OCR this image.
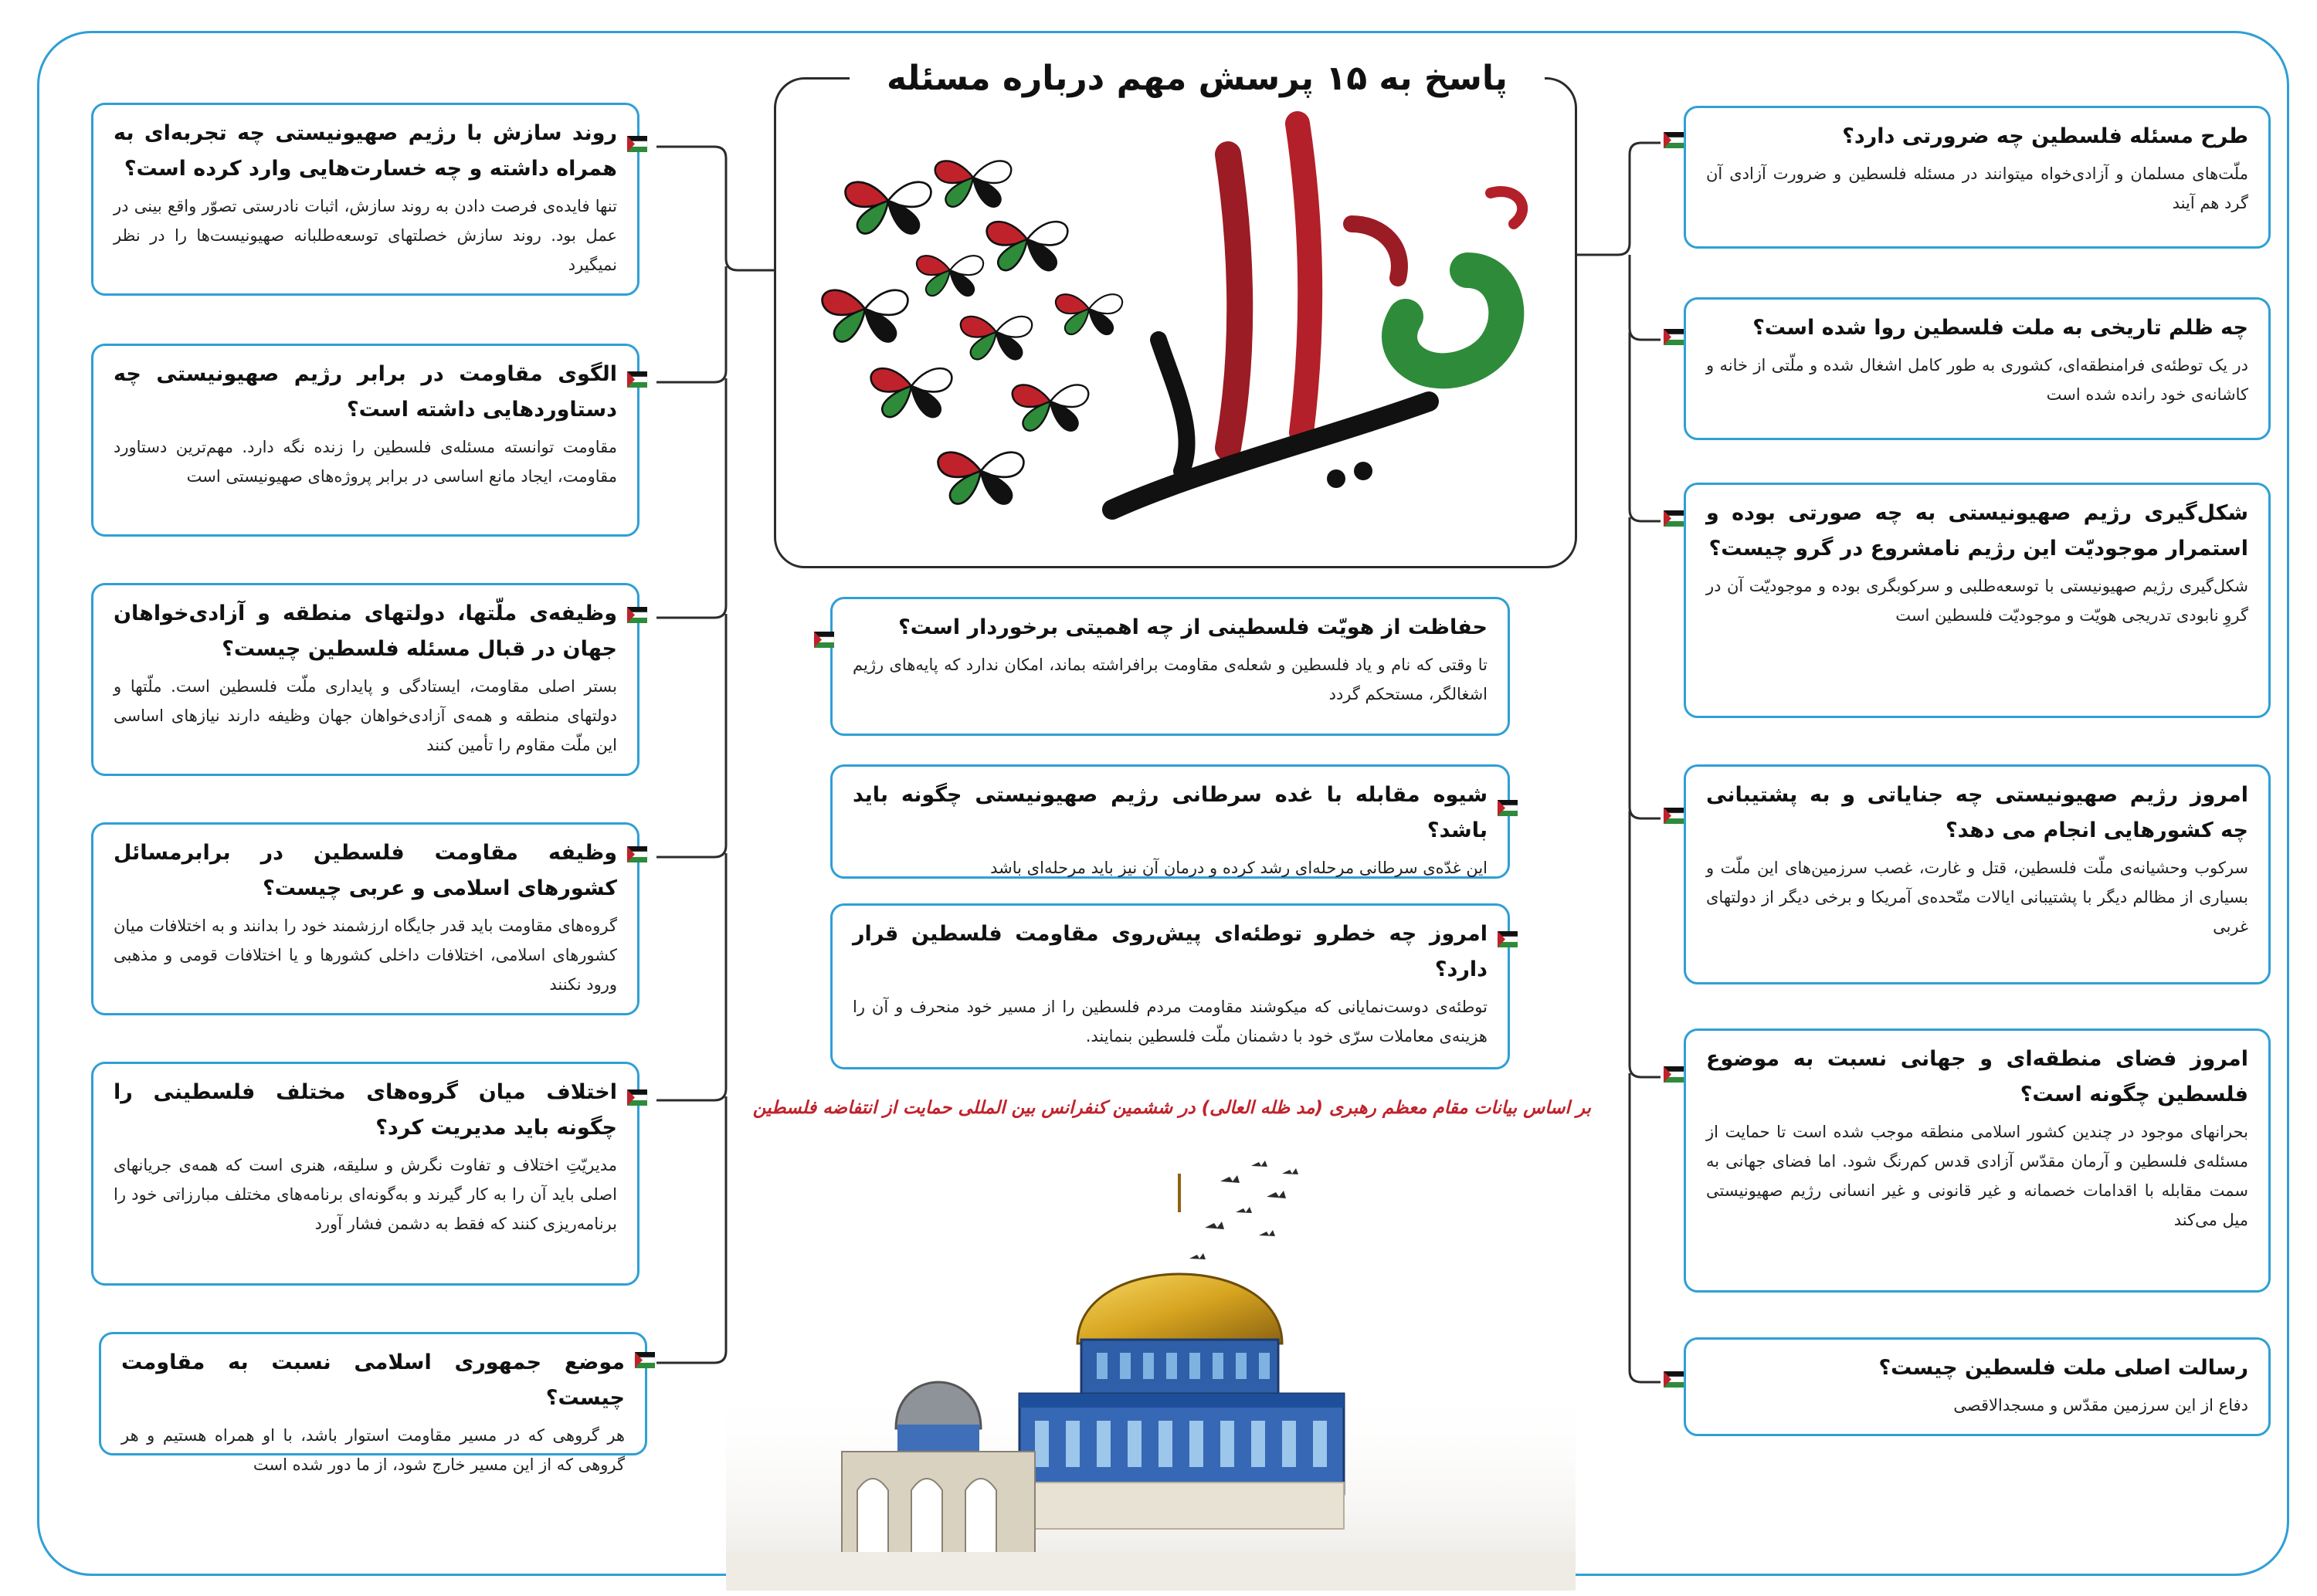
پاسخ به ۱۵ پرسش مهم درباره مسئله

طرح مسئله فلسطین چه ضرورتی دارد؟

ملّت‌های مسلمان و آزادی‌خواه میتوانند در مسئله فلسطین و ضرورت آزادی آن گرد هم آیند

چه ظلم تاریخی به ملت فلسطین روا شده است؟

در یک توطئه‌ی فرامنطقه‌ای، کشوری به طور کامل اشغال شده و ملّتی از خانه و کاشانه‌ی خود رانده شده است

شکل‌گیری رژیم صهیونیستی به چه صورتی بوده و استمرار موجودیّت این رژیم نامشروع در گرو چیست؟

شکل‌گیری رژیم صهیونیستی با توسعه‌طلبی و سرکوبگری بوده و موجودیّت آن در گروِ نابودی تدریجی هویّت و موجودیّت فلسطین است

امروز رژیم صهیونیستی چه جنایاتی و به پشتیبانی چه کشورهایی انجام می دهد؟

سرکوب وحشیانه‌ی ملّت فلسطین، قتل و غارت، غصب سرزمین‌های این ملّت و بسیاری از مظالم دیگر با پشتیبانی ایالات متّحده‌ی آمریکا و برخی دیگر از دولتهای غربی

امروز فضای منطقه‌ای و جهانی نسبت به موضوع فلسطین چگونه است؟

بحرانهای موجود در چندین کشور اسلامی منطقه موجب شده است تا حمایت از مسئله‌ی فلسطین و آرمان مقدّس آزادی قدس کم‌رنگ شود. اما فضای جهانی به سمت مقابله با اقدامات خصمانه و غیر قانونی و غیر انسانی رژیم صهیونیستی میل می‌کند

رسالت اصلی ملت فلسطین چیست؟

دفاع از این سرزمین مقدّس و مسجدالاقصی

حفاظت از هویّت فلسطینی از چه اهمیتی برخوردار است؟

تا وقتی که نام و یاد فلسطین و شعله‌ی مقاومت برافراشته بماند، امکان ندارد که پایه‌های رژیم اشغالگر، مستحکم گردد

شیوه مقابله با غده سرطانی رژیم صهیونیستی چگونه باید باشد؟

این غدّه‌ی سرطانی مرحله‌ای رشد کرده و درمان آن نیز باید مرحله‌ای باشد

امروز چه خطرو توطئه‌ای پیش‌روی مقاومت فلسطین قرار دارد؟

توطئه‌ی دوست‌نمایانی که میکوشند مقاومت مردم فلسطین را از مسیر خود منحرف و آن را هزینه‌ی معاملات سرّی خود با دشمنان ملّت فلسطین بنمایند.

روند سازش با رژیم صهیونیستی چه تجربه‌ای به همراه داشته و چه خسارت‌هایی وارد کرده است؟

تنها فایده‌ی فرصت دادن به روند سازش، اثبات نادرستی تصوّر واقع بینی در عمل بود. روند سازش خصلتهای توسعه‌طلبانه صهیونیست‌ها را در نظر نمیگیرد

الگوی مقاومت در برابر رژیم صهیونیستی چه دستاوردهایی داشته است؟

مقاومت توانسته مسئله‌ی فلسطین را زنده نگه دارد. مهم‌ترین دستاورد مقاومت، ایجاد مانع اساسی در برابر پروژه‌های صهیونیستی است

وظیفه‌ی ملّتها، دولتهای منطقه و آزادی‌خواهان جهان در قبال مسئله فلسطین چیست؟

بستر اصلی مقاومت، ایستادگی و پایداری ملّت فلسطین است. ملّتها و دولتهای منطقه و همه‌ی آزادی‌خواهان جهان وظیفه دارند نیازهای اساسی این ملّت مقاوم را تأمین کنند

وظیفه مقاومت فلسطین در برابرمسائل کشورهای اسلامی و عربی چیست؟

گروه‌های مقاومت باید قدر جایگاه ارزشمند خود را بدانند و به اختلافات میان کشورهای اسلامی، اختلافات داخلی کشورها و یا اختلافات قومی و مذهبی ورود نکنند

اختلاف میان گروه‌های مختلف فلسطینی را چگونه باید مدیریت کرد؟

مدیریّتِ اختلاف و تفاوت نگرش و سلیقه، هنری است که همه‌ی جریانهای اصلی باید آن را به کار گیرند و به‌گونه‌ای برنامه‌های مختلف مبارزاتی خود را برنامه‌ریزی کنند که فقط به دشمن فشار آورد

موضع جمهوری اسلامی نسبت به مقاومت چیست؟

هر گروهی که در مسیر مقاومت استوار باشد، با او همراه هستیم و هر گروهی که از این مسیر خارج شود، از ما دور شده است

بر اساس بیانات مقام معظم رهبری (مد ظله العالی) در ششمین کنفرانس بین المللی حمایت از انتفاضه فلسطین
